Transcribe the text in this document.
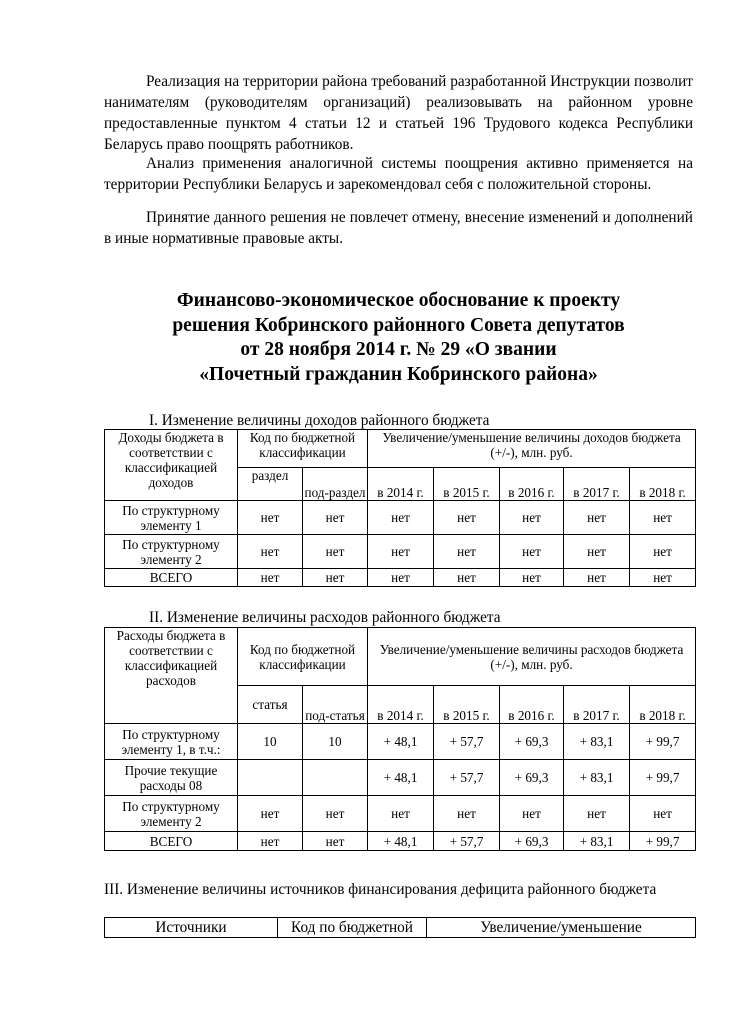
Реализация на территории района требований разработанной Инструкции позволит нанимателям (руководителям организаций) реализовывать на районном уровне предоставленные пунктом 4 статьи 12 и статьей 196 Трудового кодекса Республики Беларусь право поощрять работников.

Анализ применения аналогичной системы поощрения активно применяется на территории Республики Беларусь и зарекомендовал себя с положительной стороны.

Принятие данного решения не повлечет отмену, внесение изменений и дополнений в иные нормативные правовые акты.

Финансово-экономическое обоснование к проекту
решения Кобринского районного Совета депутатов
от 28 ноября 2014 г. № 29 «О звании
«Почетный гражданин Кобринского района»
I. Изменение величины доходов районного бюджета
Доходы бюджета в соответствии с классификацией доходов	Код по бюджетной классификации		Увеличение/уменьшение величины доходов бюджета (+/-), млн. руб.				
	раздел	под-раздел	в 2014 г.	в 2015 г.	в 2016 г.	в 2017 г.	в 2018 г.
По структурному элементу 1	нет	нет	нет	нет	нет	нет	нет
По структурному элементу 2	нет	нет	нет	нет	нет	нет	нет
ВСЕГО	нет	нет	нет	нет	нет	нет	нет
II. Изменение величины расходов районного бюджета
Расходы бюджета в соответствии с классификацией расходов	Код по бюджетной классификации		Увеличение/уменьшение величины расходов бюджета (+/-), млн. руб.				
	статья	под-статья	в 2014 г.	в 2015 г.	в 2016 г.	в 2017 г.	в 2018 г.
По структурному элементу 1, в т.ч.:	10	10	+ 48,1	+ 57,7	+ 69,3	+ 83,1	+ 99,7
Прочие текущие расходы 08			+ 48,1	+ 57,7	+ 69,3	+ 83,1	+ 99,7
По структурному элементу 2	нет	нет	нет	нет	нет	нет	нет
ВСЕГО	нет	нет	+ 48,1	+ 57,7	+ 69,3	+ 83,1	+ 99,7
III. Изменение величины источников финансирования дефицита районного бюджета
Источники	Код по бюджетной	Увеличение/уменьшение
